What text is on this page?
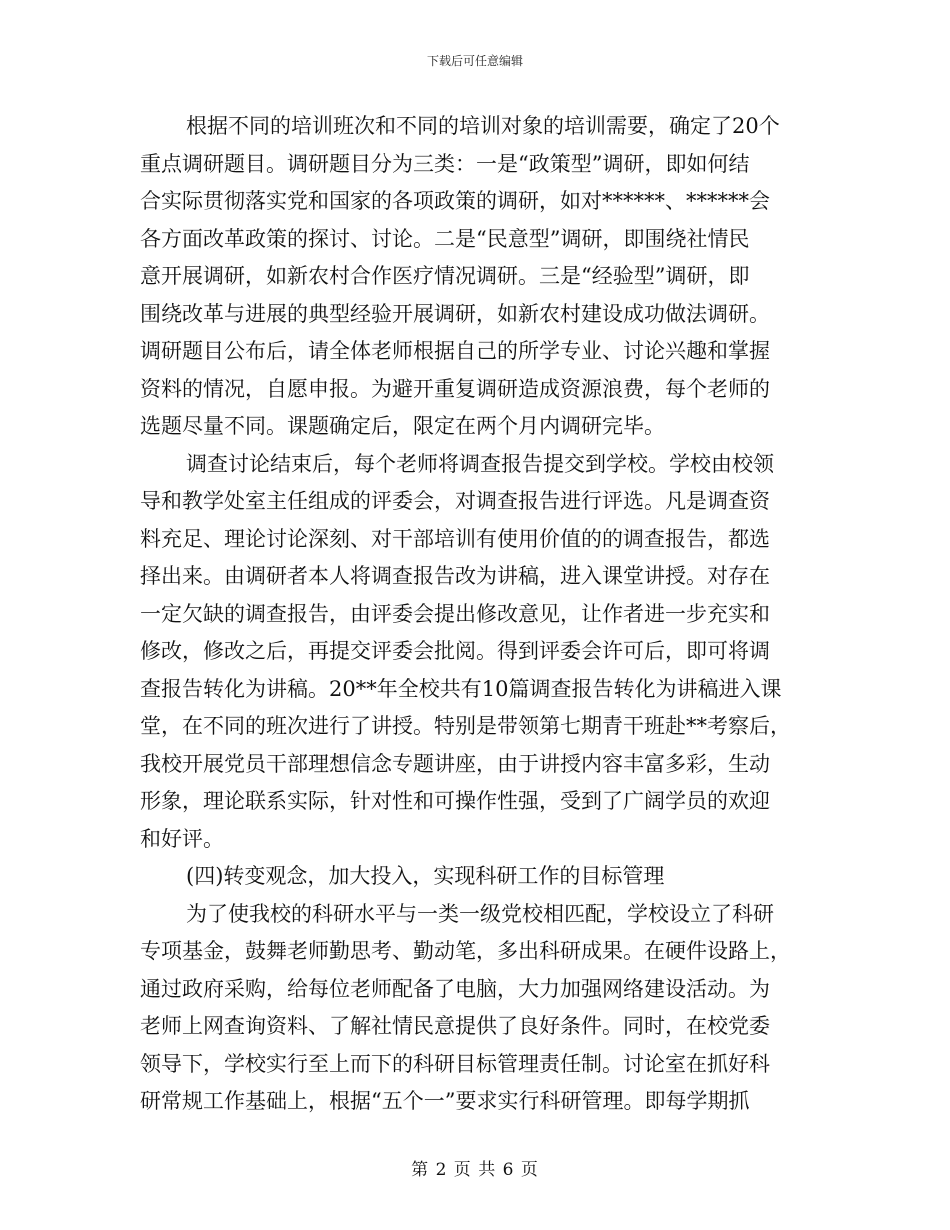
下载后可任意编辑
根据不同的培训班次和不同的培训对象的培训需要，确定了20个
重点调研题目。调研题目分为三类：一是“政策型”调研，即如何结
合实际贯彻落实党和国家的各项政策的调研，如对******、******会
各方面改革政策的探讨、讨论。二是“民意型”调研，即围绕社情民
意开展调研，如新农村合作医疗情况调研。三是“经验型”调研，即
围绕改革与进展的典型经验开展调研，如新农村建设成功做法调研。
调研题目公布后，请全体老师根据自己的所学专业、讨论兴趣和掌握
资料的情况，自愿申报。为避开重复调研造成资源浪费，每个老师的
选题尽量不同。课题确定后，限定在两个月内调研完毕。
调查讨论结束后，每个老师将调查报告提交到学校。学校由校领
导和教学处室主任组成的评委会，对调查报告进行评选。凡是调查资
料充足、理论讨论深刻、对干部培训有使用价值的的调查报告，都选
择出来。由调研者本人将调查报告改为讲稿，进入课堂讲授。对存在
一定欠缺的调查报告，由评委会提出修改意见，让作者进一步充实和
修改，修改之后，再提交评委会批阅。得到评委会许可后，即可将调
查报告转化为讲稿。20**年全校共有10篇调查报告转化为讲稿进入课
堂，在不同的班次进行了讲授。特别是带领第七期青干班赴**考察后，
我校开展党员干部理想信念专题讲座，由于讲授内容丰富多彩，生动
形象，理论联系实际，针对性和可操作性强，受到了广阔学员的欢迎
和好评。
(四)转变观念，加大投入，实现科研工作的目标管理
为了使我校的科研水平与一类一级党校相匹配，学校设立了科研
专项基金，鼓舞老师勤思考、勤动笔，多出科研成果。在硬件设路上，
通过政府采购，给每位老师配备了电脑，大力加强网络建设活动。为
老师上网查询资料、了解社情民意提供了良好条件。同时，在校党委
领导下，学校实行至上而下的科研目标管理责任制。讨论室在抓好科
研常规工作基础上，根据“五个一”要求实行科研管理。即每学期抓
第 2 页 共 6 页
